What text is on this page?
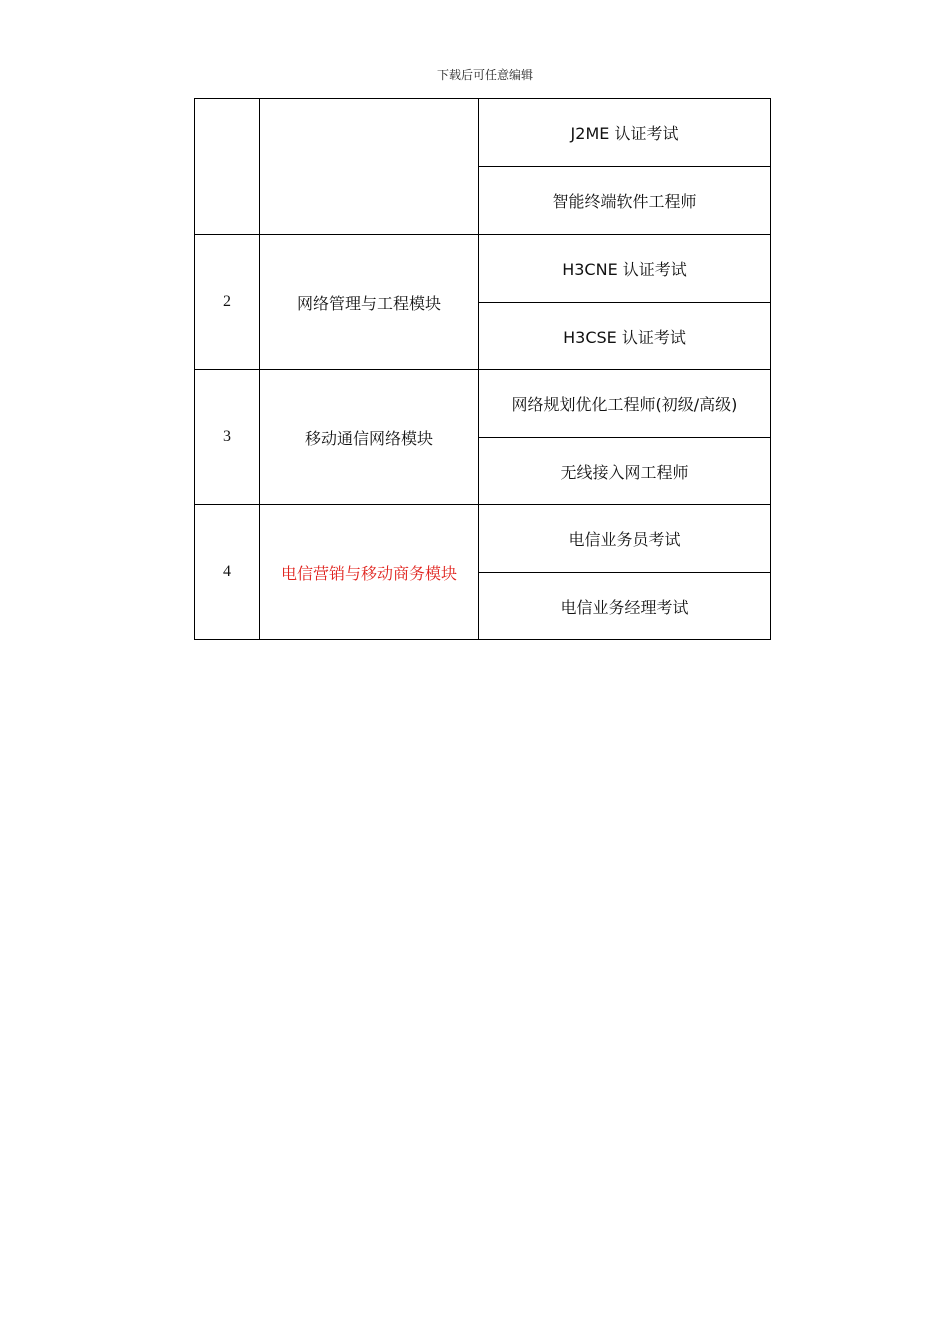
下载后可任意编辑
		J2ME 认证考试
		智能终端软件工程师
2	网络管理与工程模块	H3CNE 认证考试
		H3CSE 认证考试
3	移动通信网络模块	网络规划优化工程师(初级/高级)
		无线接入网工程师
4	电信营销与移动商务模块	电信业务员考试
		电信业务经理考试
